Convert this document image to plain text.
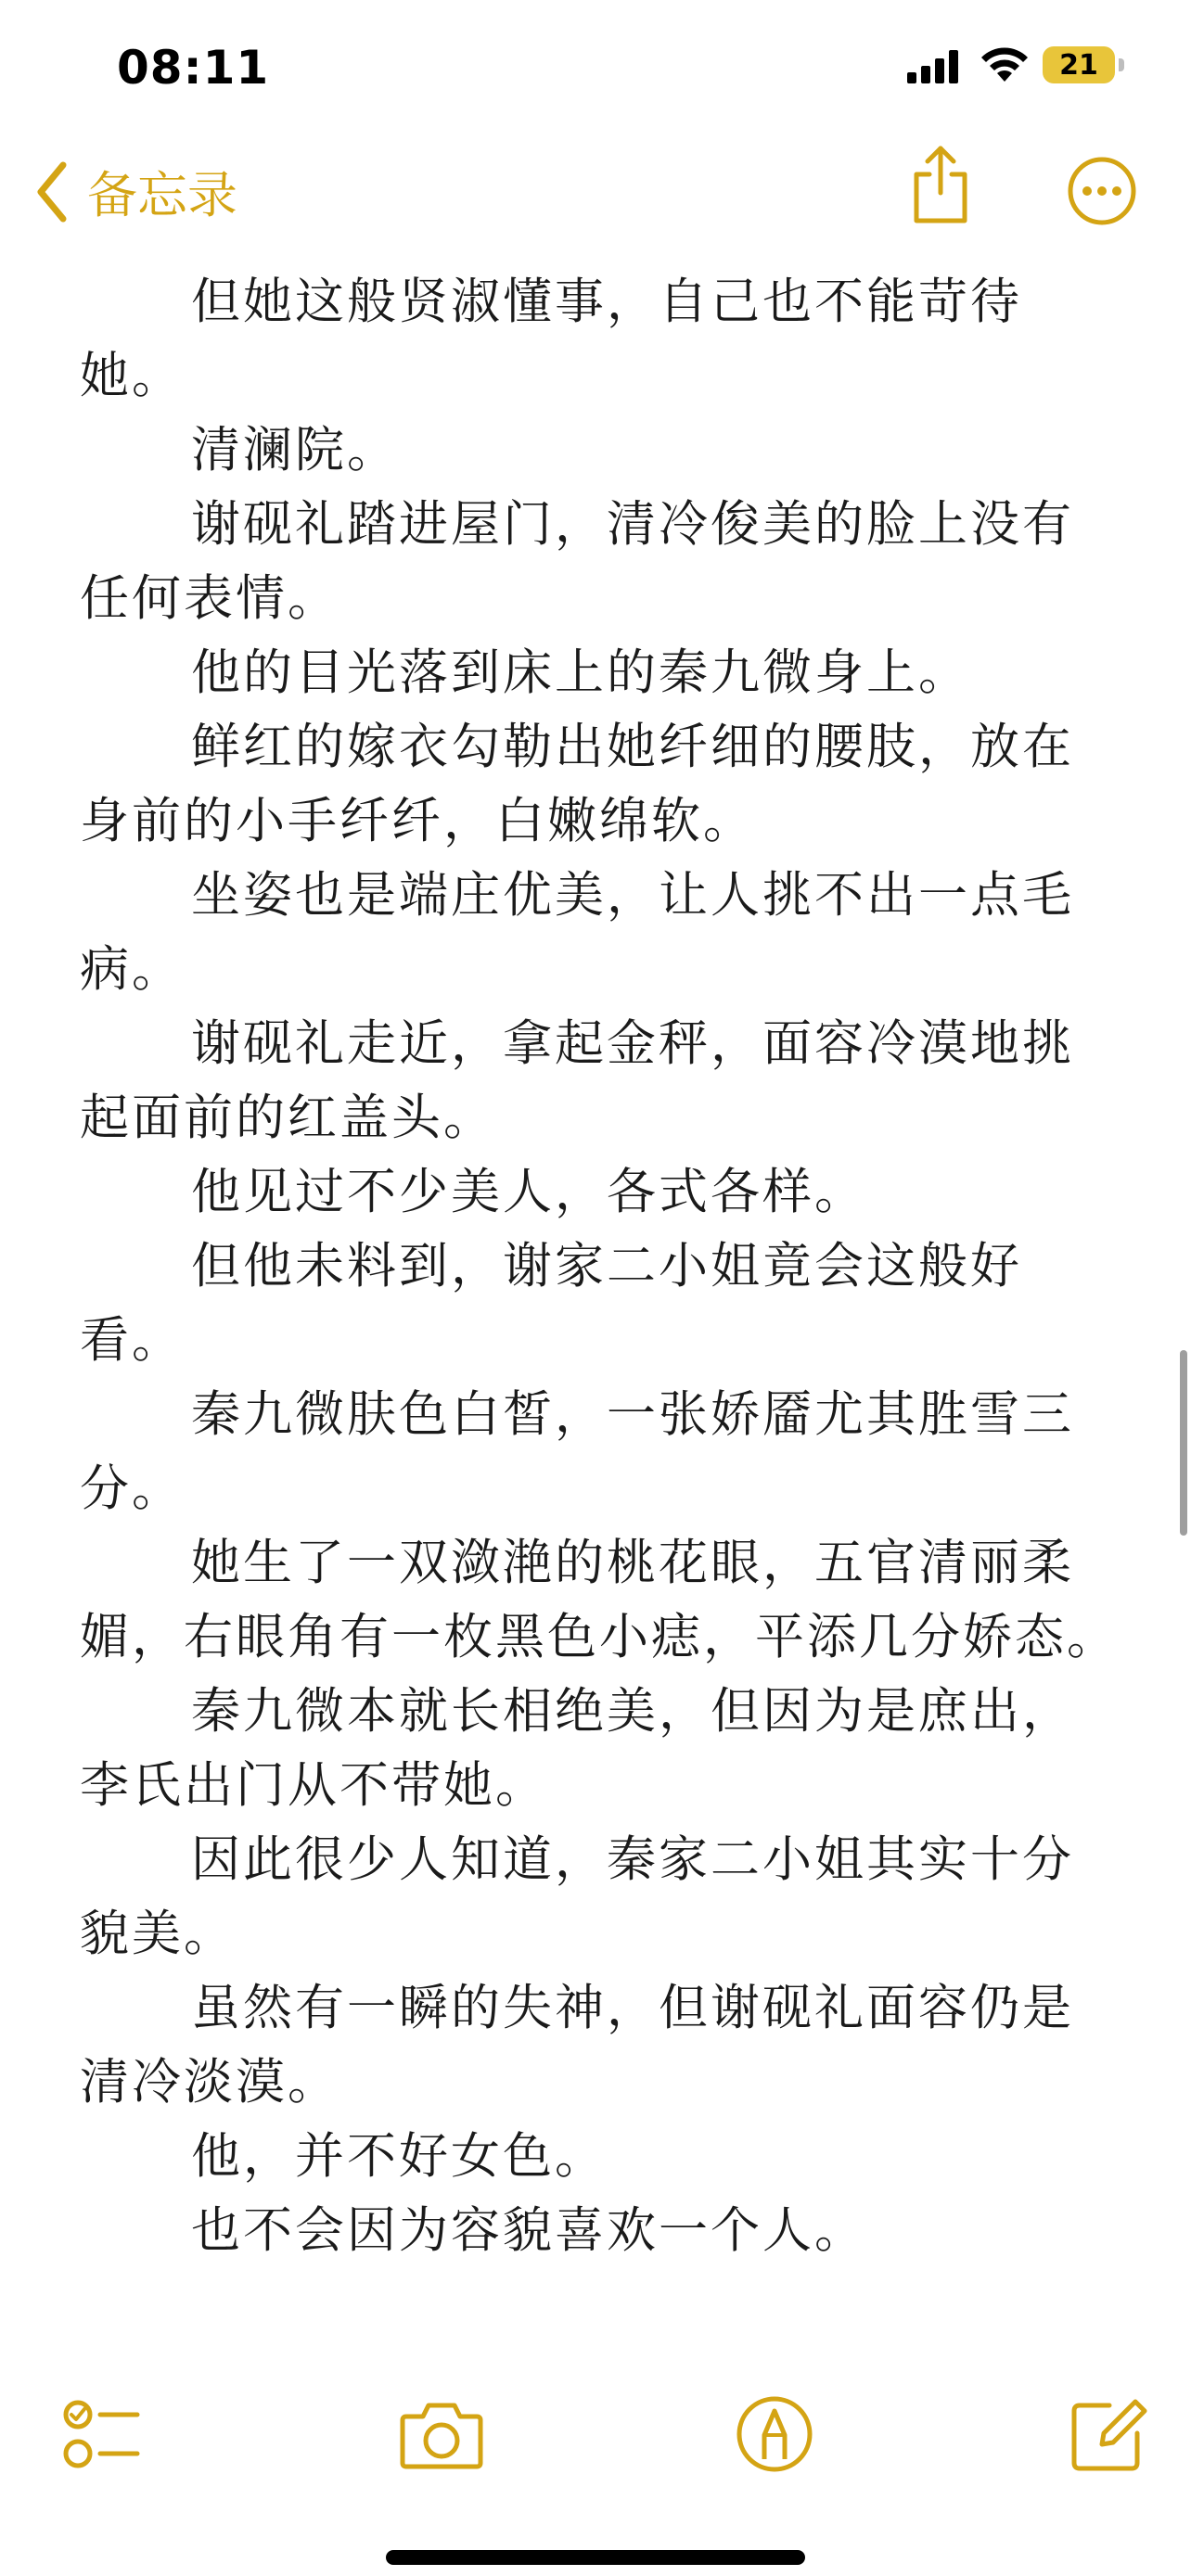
08:11	21
备忘录

但她这般贤淑懂事，自己也不能苛待她。

清澜院。

谢砚礼踏进屋门，清冷俊美的脸上没有任何表情。

他的目光落到床上的秦九微身上。

鲜红的嫁衣勾勒出她纤细的腰肢，放在身前的小手纤纤，白嫩绵软。

坐姿也是端庄优美，让人挑不出一点毛病。

谢砚礼走近，拿起金秤，面容冷漠地挑起面前的红盖头。

他见过不少美人，各式各样。

但他未料到，谢家二小姐竟会这般好看。

秦九微肤色白皙，一张娇靥尤其胜雪三分。

她生了一双潋滟的桃花眼，五官清丽柔媚，右眼角有一枚黑色小痣，平添几分娇态。

秦九微本就长相绝美，但因为是庶出，李氏出门从不带她。

因此很少人知道，秦家二小姐其实十分貌美。

虽然有一瞬的失神，但谢砚礼面容仍是清冷淡漠。

他，并不好女色。

也不会因为容貌喜欢一个人。
